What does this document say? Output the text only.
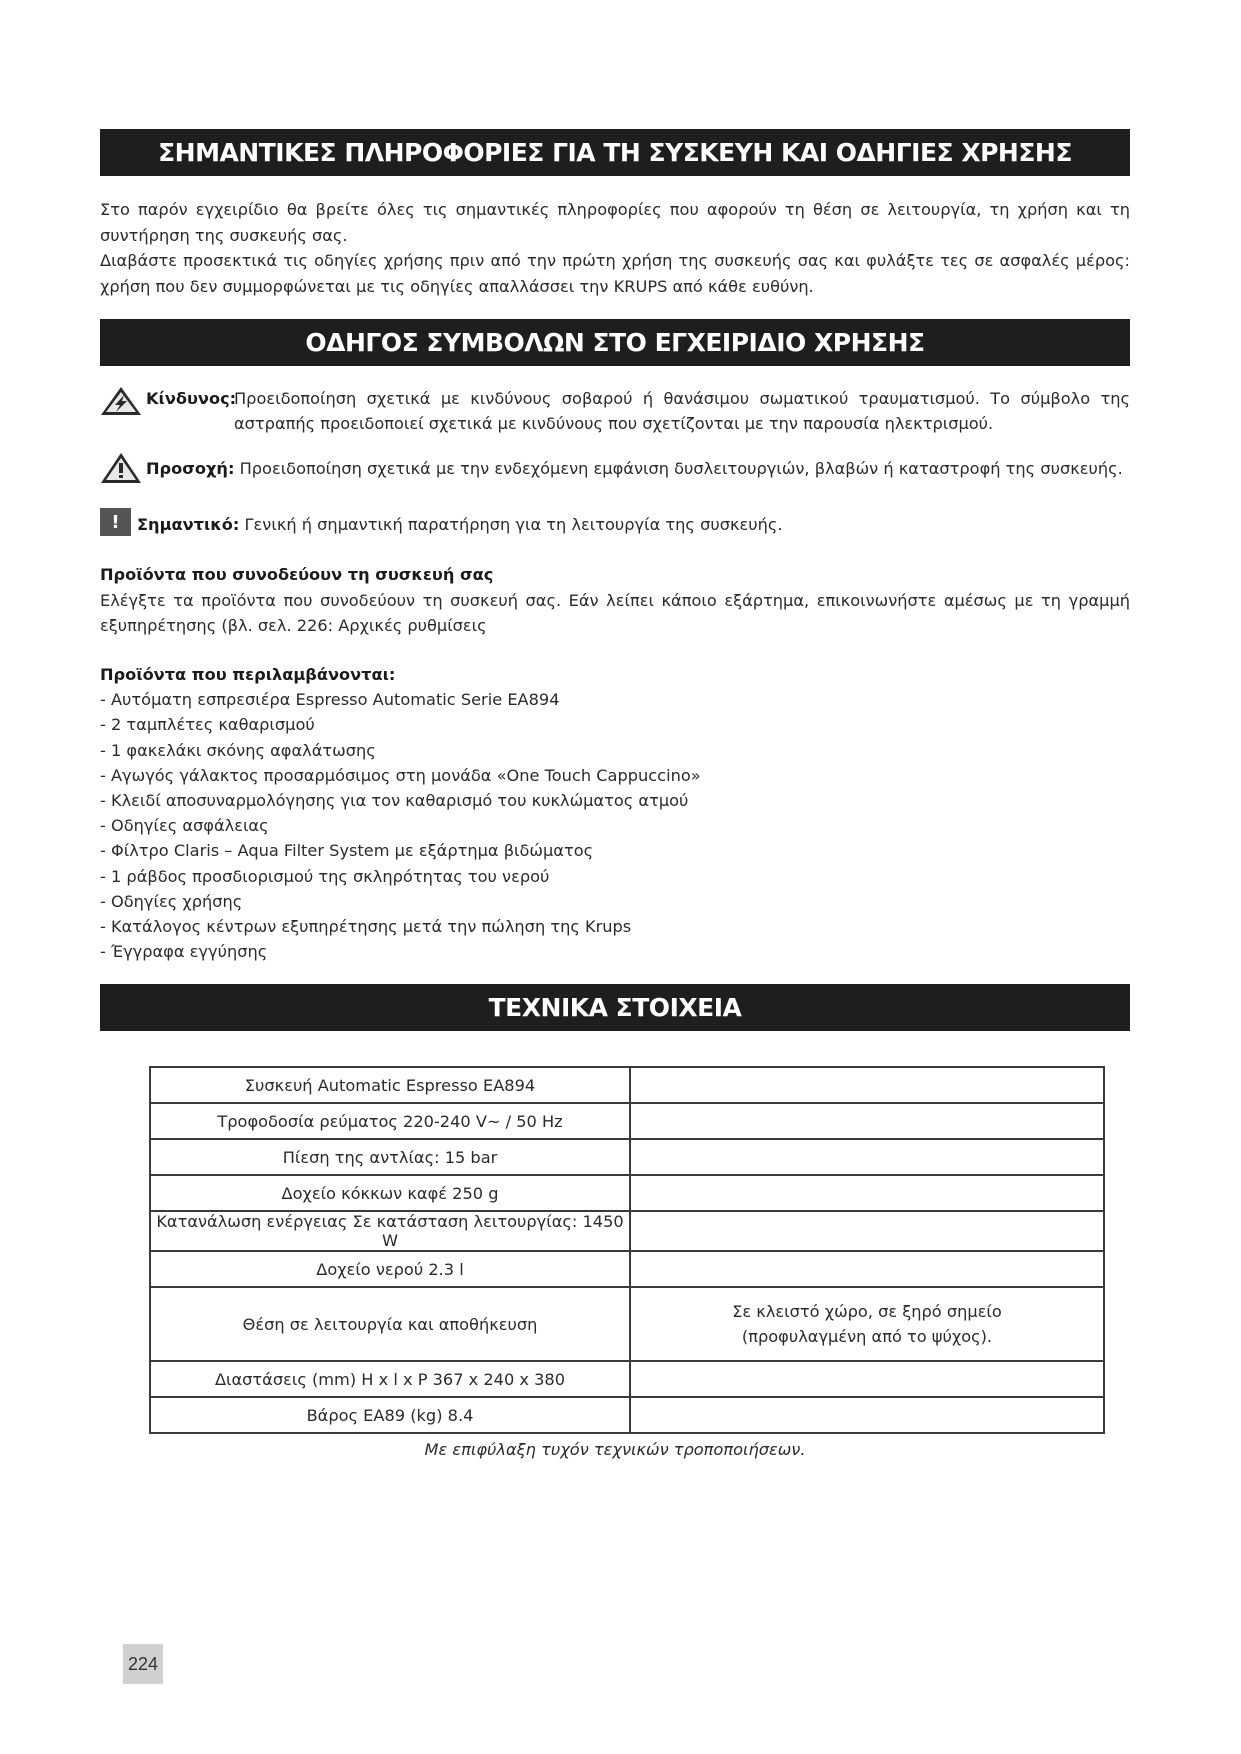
ΣΗΜΑΝΤΙΚΕΣ ΠΛΗΡΟΦΟΡΙΕΣ ΓΙΑ ΤΗ ΣΥΣΚΕΥΗ ΚΑΙ ΟΔΗΓΙΕΣ ΧΡΗΣΗΣ

Στο παρόν εγχειρίδιο θα βρείτε όλες τις σημαντικές πληροφορίες που αφορούν τη θέση σε λειτουργία, τη χρήση και τη συντήρηση της συσκευής σας.

Διαβάστε προσεκτικά τις οδηγίες χρήσης πριν από την πρώτη χρήση της συσκευής σας και φυλάξτε τες σε ασφαλές μέρος: χρήση που δεν συμμορφώνεται με τις οδηγίες απαλλάσσει την KRUPS από κάθε ευθύνη.

ΟΔΗΓΟΣ ΣΥΜΒΟΛΩΝ ΣΤΟ ΕΓΧΕΙΡΙΔΙΟ ΧΡΗΣΗΣ
Κίνδυνος:
Προειδοποίηση σχετικά με κινδύνους σοβαρού ή θανάσιμου σωματικού τραυματισμού. Το σύμβολο της αστραπής προειδοποιεί σχετικά με κινδύνους που σχετίζονται με την παρουσία ηλεκτρισμού.
Προσοχή: Προειδοποίηση σχετικά με την ενδεχόμενη εμφάνιση δυσλειτουργιών, βλαβών ή καταστροφή της συσκευής.
! Σημαντικό: Γενική ή σημαντική παρατήρηση για τη λειτουργία της συσκευής.

Προϊόντα που συνοδεύουν τη συσκευή σας

Ελέγξτε τα προϊόντα που συνοδεύουν τη συσκευή σας. Εάν λείπει κάποιο εξάρτημα, επικοινωνήστε αμέσως με τη γραμμή εξυπηρέτησης (βλ. σελ. 226: Αρχικές ρυθμίσεις

Προϊόντα που περιλαμβάνονται:
- Αυτόματη εσπρεσιέρα Espresso Automatic Serie EA894
- 2 ταμπλέτες καθαρισμού
- 1 φακελάκι σκόνης αφαλάτωσης
- Αγωγός γάλακτος προσαρμόσιμος στη μονάδα «One Touch Cappuccino»
- Κλειδί αποσυναρμολόγησης για τον καθαρισμό του κυκλώματος ατμού
- Οδηγίες ασφάλειας
- Φίλτρο Claris – Aqua Filter System με εξάρτημα βιδώματος
- 1 ράβδος προσδιορισμού της σκληρότητας του νερού
- Οδηγίες χρήσης
- Κατάλογος κέντρων εξυπηρέτησης μετά την πώληση της Krups
- Έγγραφα εγγύησης
ΤΕΧΝΙΚΑ ΣΤΟΙΧΕΙΑ
Συσκευή Automatic Espresso EA894	
Τροφοδοσία ρεύματος 220-240 V~ / 50 Hz	
Πίεση της αντλίας: 15 bar	
Δοχείο κόκκων καφέ 250 g	
Κατανάλωση ενέργειας Σε κατάσταση λειτουργίας: 1450 W	
Δοχείο νερού 2.3 l	
Θέση σε λειτουργία και αποθήκευση	Σε κλειστό χώρο, σε ξηρό σημείο (προφυλαγμένη από το ψύχος).
Διαστάσεις (mm) H x l x P 367 x 240 x 380	
Βάρος EA89 (kg) 8.4	
Με επιφύλαξη τυχόν τεχνικών τροποποιήσεων.
224
